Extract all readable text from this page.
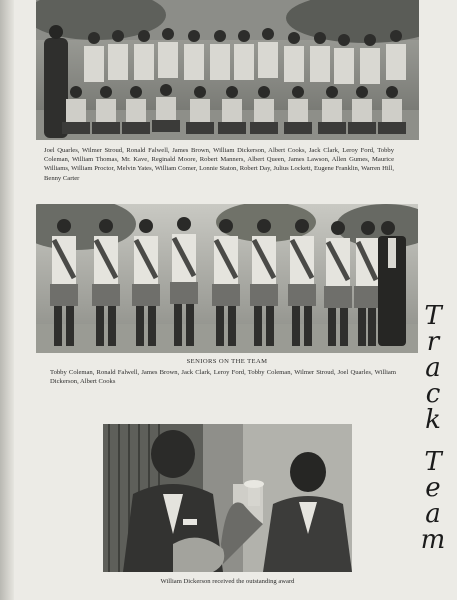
Joel Quarles, Wilmer Stroud, Ronald Falwell, James Brown, William Dickerson, Albert Cooks, Jack Clark, Leroy Ford, Tobby Coleman, William Thomas, Mr. Kave, Reginald Moore, Robert Manners, Albert Queen, James Lawson, Allen Gumes, Maurice Williams, William Proctor, Melvin Yates, William Comer, Lonnie Staton, Robert Day, Julius Lockett, Eugene Franklin, Warren Hill, Benny Carter
SENIORS ON THE TEAM
Tobby Coleman, Ronald Falwell, James Brown, Jack Clark, Leroy Ford, Tobby Coleman, Wilmer Stroud, Joel Quarles, William Dickerson, Albert Cooks
William Dickerson received the outstanding award
T
r
a
c
k
T
e
a
m
